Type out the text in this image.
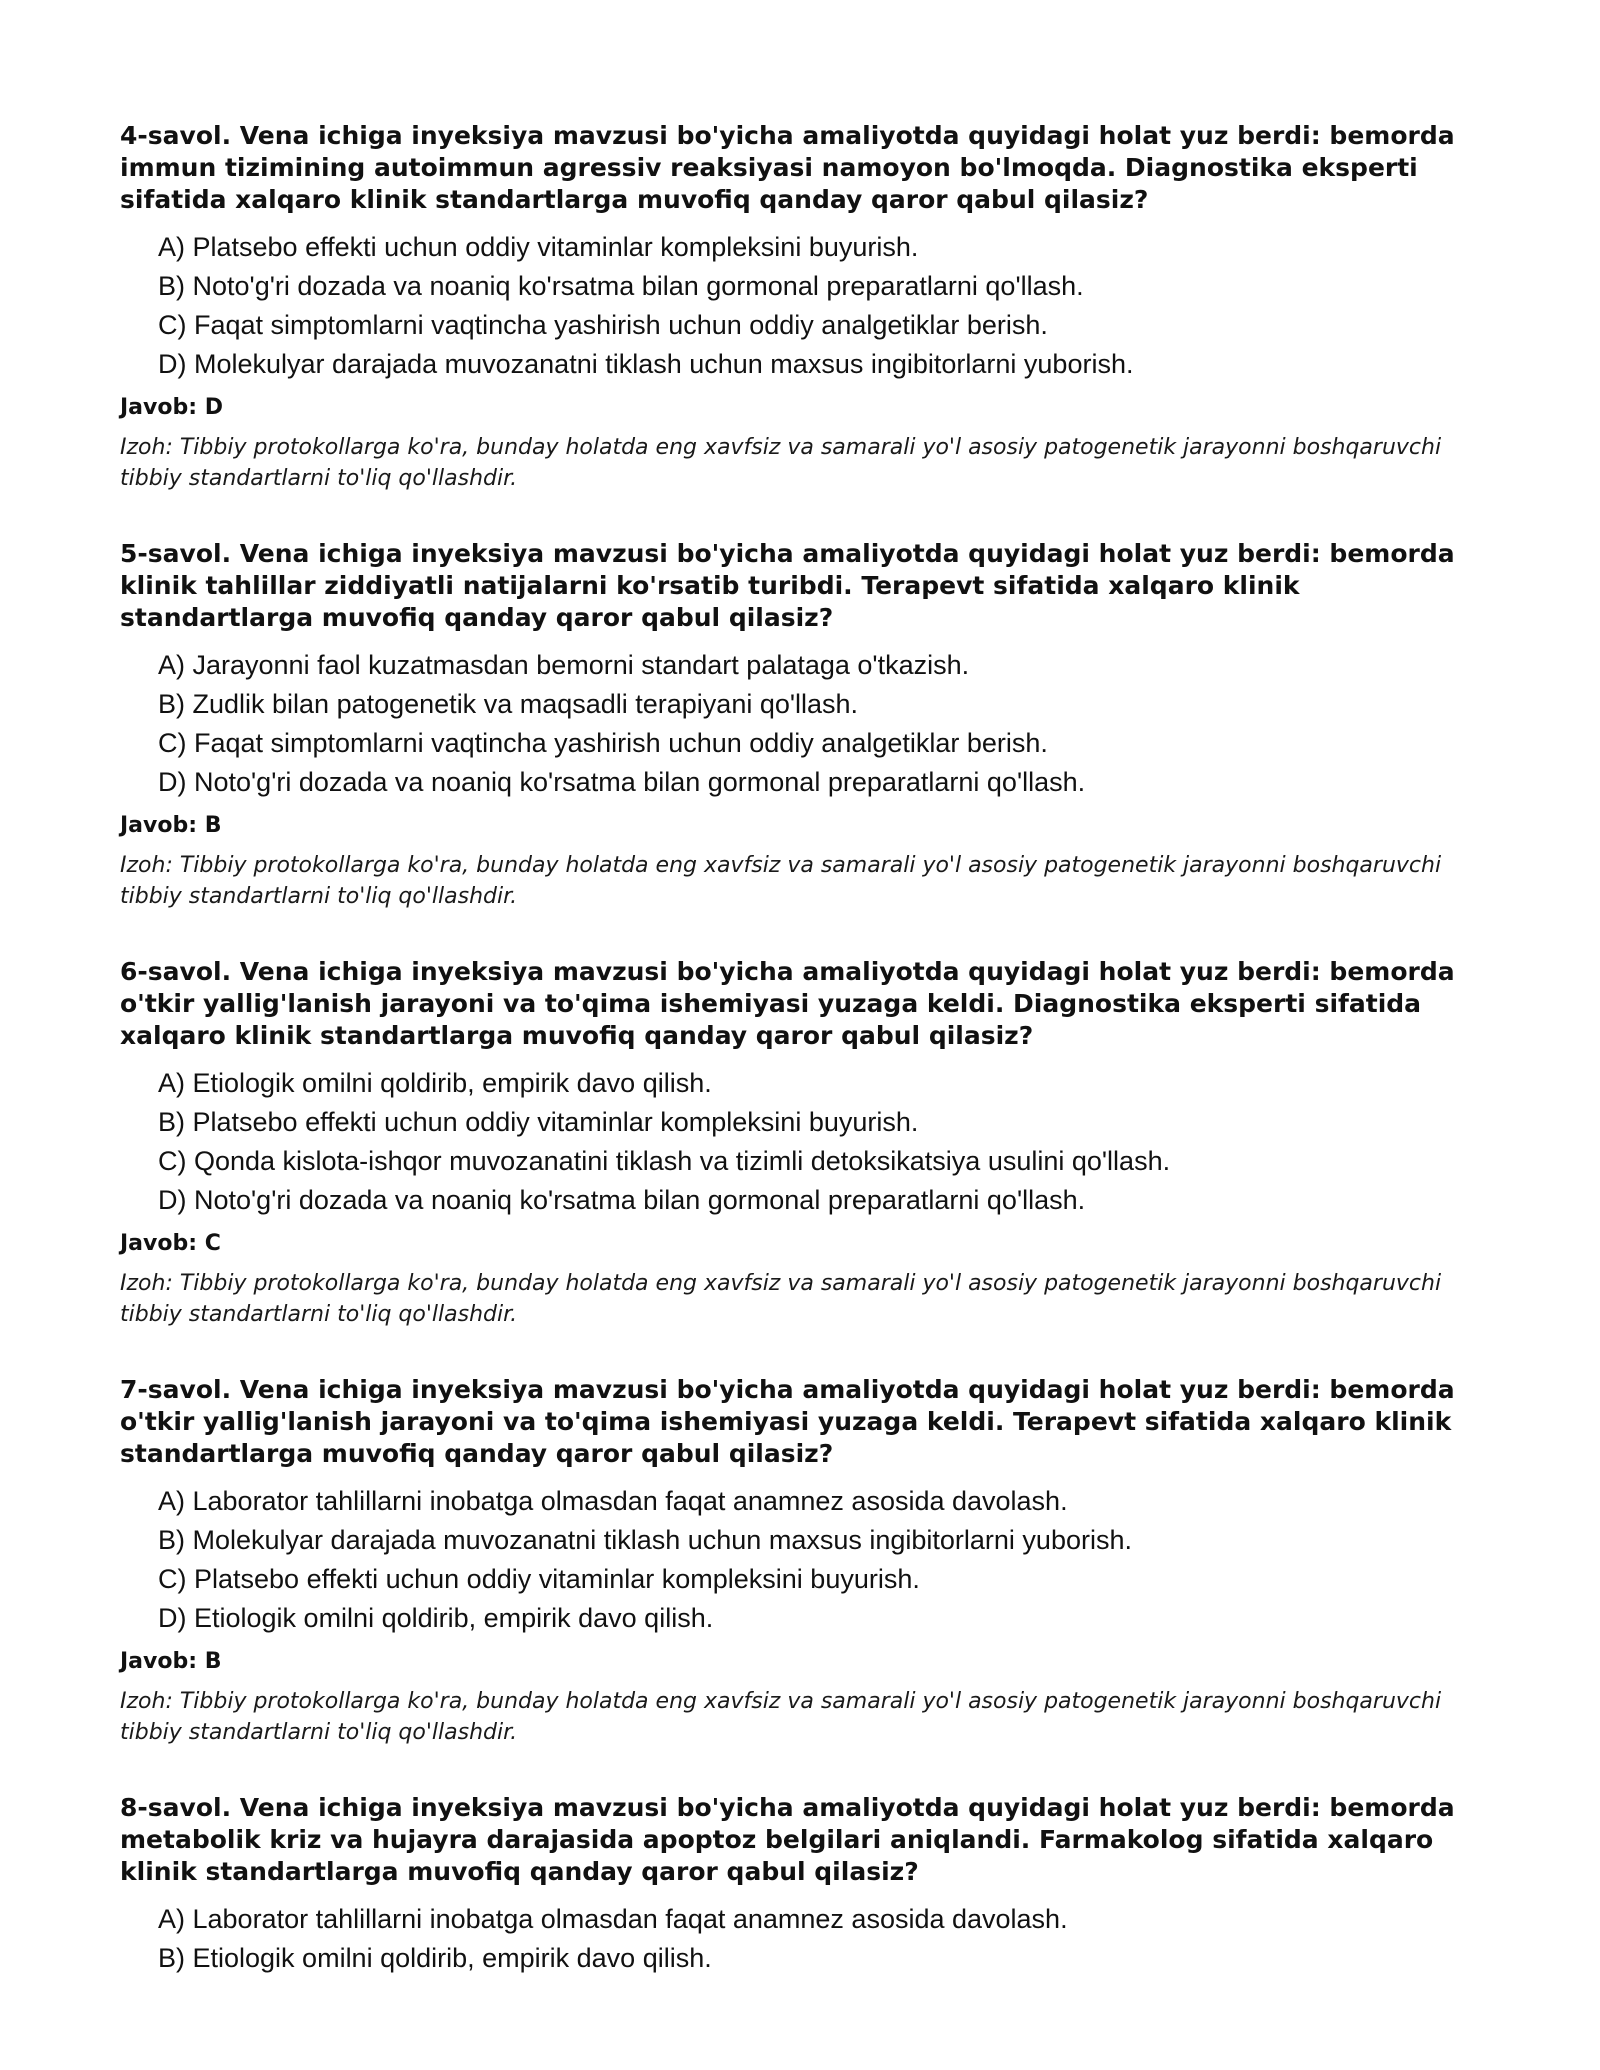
4-savol. Vena ichiga inyeksiya mavzusi bo'yicha amaliyotda quyidagi holat yuz berdi: bemorda immun tizimining autoimmun agressiv reaksiyasi namoyon bo'lmoqda. Diagnostika eksperti sifatida xalqaro klinik standartlarga muvofiq qanday qaror qabul qilasiz?

A) Platsebo effekti uchun oddiy vitaminlar kompleksini buyurish.
B) Noto'g'ri dozada va noaniq ko'rsatma bilan gormonal preparatlarni qo'llash.
C) Faqat simptomlarni vaqtincha yashirish uchun oddiy analgetiklar berish.
D) Molekulyar darajada muvozanatni tiklash uchun maxsus ingibitorlarni yuborish.

Javob: D

Izoh: Tibbiy protokollarga ko'ra, bunday holatda eng xavfsiz va samarali yo'l asosiy patogenetik jarayonni boshqaruvchi tibbiy standartlarni to'liq qo'llashdir.

5-savol. Vena ichiga inyeksiya mavzusi bo'yicha amaliyotda quyidagi holat yuz berdi: bemorda klinik tahlillar ziddiyatli natijalarni ko'rsatib turibdi. Terapevt sifatida xalqaro klinik standartlarga muvofiq qanday qaror qabul qilasiz?

A) Jarayonni faol kuzatmasdan bemorni standart palataga o'tkazish.
B) Zudlik bilan patogenetik va maqsadli terapiyani qo'llash.
C) Faqat simptomlarni vaqtincha yashirish uchun oddiy analgetiklar berish.
D) Noto'g'ri dozada va noaniq ko'rsatma bilan gormonal preparatlarni qo'llash.

Javob: B

Izoh: Tibbiy protokollarga ko'ra, bunday holatda eng xavfsiz va samarali yo'l asosiy patogenetik jarayonni boshqaruvchi tibbiy standartlarni to'liq qo'llashdir.

6-savol. Vena ichiga inyeksiya mavzusi bo'yicha amaliyotda quyidagi holat yuz berdi: bemorda o'tkir yallig'lanish jarayoni va to'qima ishemiyasi yuzaga keldi. Diagnostika eksperti sifatida xalqaro klinik standartlarga muvofiq qanday qaror qabul qilasiz?

A) Etiologik omilni qoldirib, empirik davo qilish.
B) Platsebo effekti uchun oddiy vitaminlar kompleksini buyurish.
C) Qonda kislota-ishqor muvozanatini tiklash va tizimli detoksikatsiya usulini qo'llash.
D) Noto'g'ri dozada va noaniq ko'rsatma bilan gormonal preparatlarni qo'llash.

Javob: C

Izoh: Tibbiy protokollarga ko'ra, bunday holatda eng xavfsiz va samarali yo'l asosiy patogenetik jarayonni boshqaruvchi tibbiy standartlarni to'liq qo'llashdir.

7-savol. Vena ichiga inyeksiya mavzusi bo'yicha amaliyotda quyidagi holat yuz berdi: bemorda o'tkir yallig'lanish jarayoni va to'qima ishemiyasi yuzaga keldi. Terapevt sifatida xalqaro klinik standartlarga muvofiq qanday qaror qabul qilasiz?

A) Laborator tahlillarni inobatga olmasdan faqat anamnez asosida davolash.
B) Molekulyar darajada muvozanatni tiklash uchun maxsus ingibitorlarni yuborish.
C) Platsebo effekti uchun oddiy vitaminlar kompleksini buyurish.
D) Etiologik omilni qoldirib, empirik davo qilish.

Javob: B

Izoh: Tibbiy protokollarga ko'ra, bunday holatda eng xavfsiz va samarali yo'l asosiy patogenetik jarayonni boshqaruvchi tibbiy standartlarni to'liq qo'llashdir.

8-savol. Vena ichiga inyeksiya mavzusi bo'yicha amaliyotda quyidagi holat yuz berdi: bemorda metabolik kriz va hujayra darajasida apoptoz belgilari aniqlandi. Farmakolog sifatida xalqaro klinik standartlarga muvofiq qanday qaror qabul qilasiz?

A) Laborator tahlillarni inobatga olmasdan faqat anamnez asosida davolash.
B) Etiologik omilni qoldirib, empirik davo qilish.
